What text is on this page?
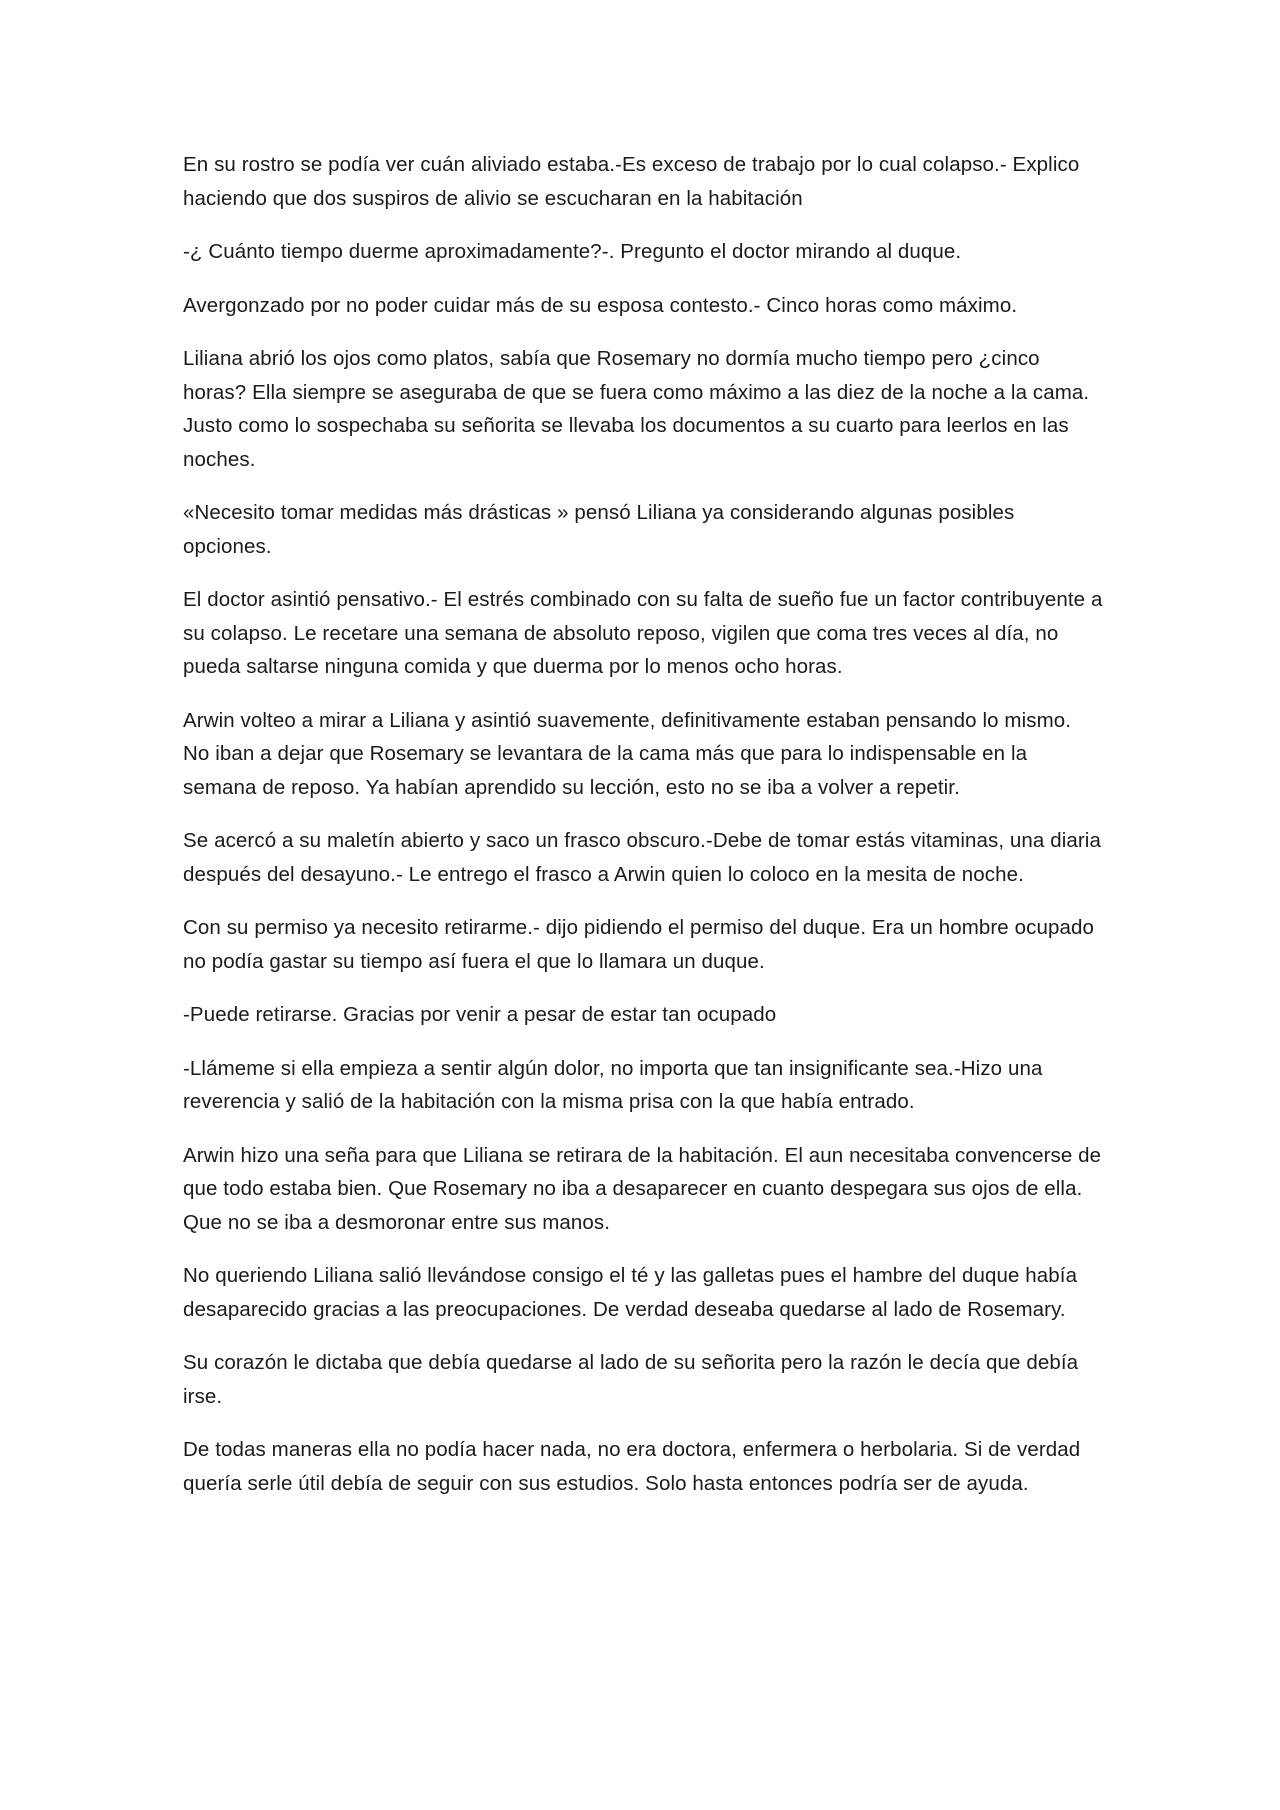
En su rostro se podía ver cuán aliviado estaba.-Es exceso de trabajo por lo cual colapso.- Explico haciendo que dos suspiros de alivio se escucharan en la habitación

-¿ Cuánto tiempo duerme aproximadamente?-. Pregunto el doctor mirando al duque.

Avergonzado por no poder cuidar más de su esposa contesto.- Cinco horas como máximo.

Liliana abrió los ojos como platos, sabía que Rosemary no dormía mucho tiempo pero ¿cinco horas? Ella siempre se aseguraba de que se fuera como máximo a las diez de la noche a la cama. Justo como lo sospechaba su señorita se llevaba los documentos a su cuarto para leerlos en las noches.

«Necesito tomar medidas más drásticas » pensó Liliana ya considerando algunas posibles opciones.

El doctor asintió pensativo.- El estrés combinado con su falta de sueño fue un factor contribuyente a su colapso. Le recetare una semana de absoluto reposo, vigilen que coma tres veces al día, no pueda saltarse ninguna comida y que duerma por lo menos ocho horas.

Arwin volteo a mirar a Liliana y asintió suavemente, definitivamente estaban pensando lo mismo. No iban a dejar que Rosemary se levantara de la cama más que para lo indispensable en la semana de reposo. Ya habían aprendido su lección, esto no se iba a volver a repetir.

Se acercó a su maletín abierto y saco un frasco obscuro.-Debe de tomar estás vitaminas, una diaria después del desayuno.- Le entrego el frasco a Arwin quien lo coloco en la mesita de noche.

Con su permiso ya necesito retirarme.- dijo pidiendo el permiso del duque. Era un hombre ocupado no podía gastar su tiempo así fuera el que lo llamara un duque.

-Puede retirarse. Gracias por venir a pesar de estar tan ocupado

-Llámeme si ella empieza a sentir algún dolor, no importa que tan insignificante sea.-Hizo una reverencia y salió de la habitación con la misma prisa con la que había entrado.

Arwin hizo una seña para que Liliana se retirara de la habitación. El aun necesitaba convencerse de que todo estaba bien. Que Rosemary no iba a desaparecer en cuanto despegara sus ojos de ella. Que no se iba a desmoronar entre sus manos.

No queriendo Liliana salió llevándose consigo el té y las galletas pues el hambre del duque había desaparecido gracias a las preocupaciones. De verdad deseaba quedarse al lado de Rosemary.

Su corazón le dictaba que debía quedarse al lado de su señorita pero la razón le decía que debía irse.

De todas maneras ella no podía hacer nada, no era doctora, enfermera o herbolaria. Si de verdad quería serle útil debía de seguir con sus estudios. Solo hasta entonces podría ser de ayuda.
